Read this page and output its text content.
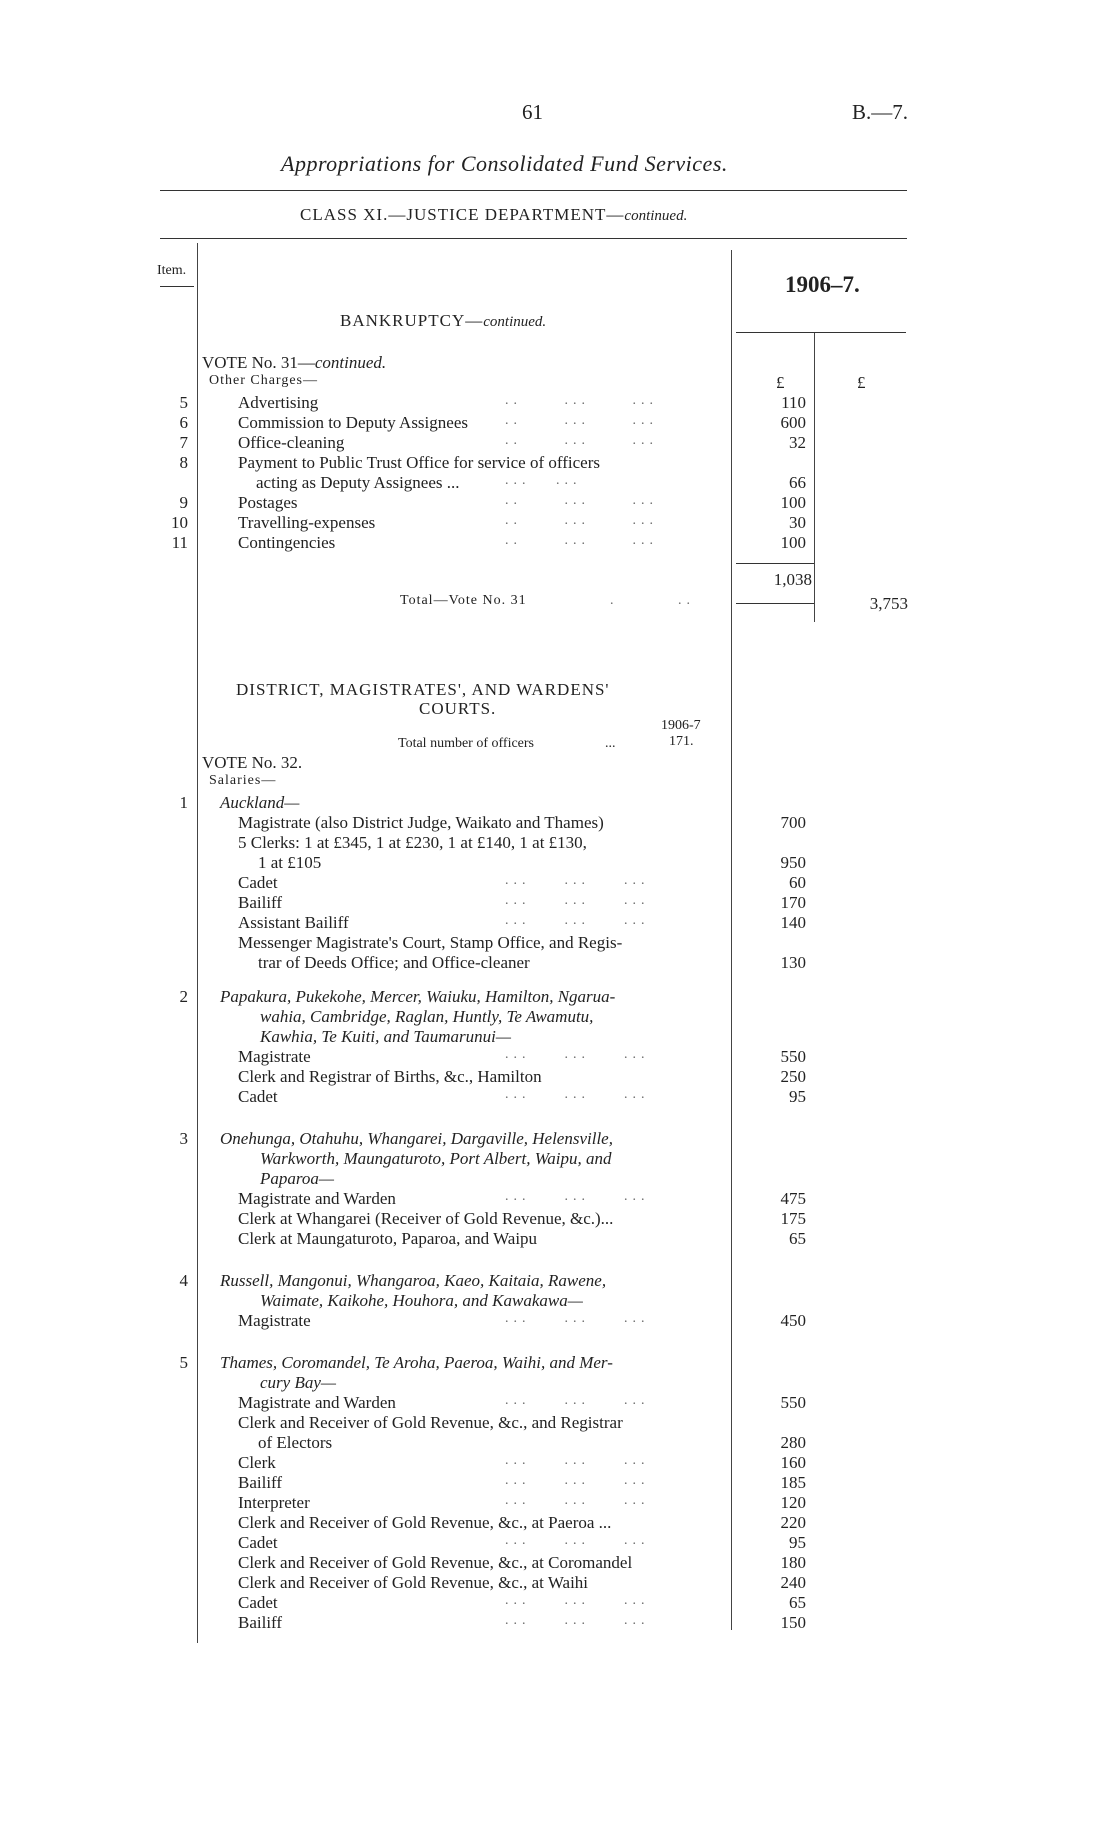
61	B.—7.
Appropriations for Consolidated Fund Services.
CLASS XI.—JUSTICE DEPARTMENT—continued.
Item.
1906–7.
£	£
BANKRUPTCY—continued.
VOTE No. 31—continued.
Other Charges—
1,038
Total—Vote No. 31	.       ..	3,753
DISTRICT, MAGISTRATES', AND WARDENS'
COURTS.
1906-7
Total number of officers	...	171.
VOTE No. 32.
Salaries—
5	Advertising	..     ...     ...	110
6	Commission to Deputy Assignees	..     ...     ...	600
7	Office-cleaning	..     ...     ...	32
8	Payment to Public Trust Office for service of officers
acting as Deputy Assignees ...	...   ...	66
9	Postages	..     ...     ...	100
10	Travelling-expenses	..     ...     ...	30
11	Contingencies	..     ...     ...	100
1 Auckland—
Magistrate (also District Judge, Waikato and Thames)	700
5 Clerks: 1 at £345, 1 at £230, 1 at £140, 1 at £130,
1 at £105	950
Cadet	...    ...    ...	60
Bailiff	...    ...    ...	170
Assistant Bailiff	...    ...    ...	140
Messenger Magistrate's Court, Stamp Office, and Regis-
trar of Deeds Office; and Office-cleaner	130
2 Papakura, Pukekohe, Mercer, Waiuku, Hamilton, Ngarua-
wahia, Cambridge, Raglan, Huntly, Te Awamutu,
Kawhia, Te Kuiti, and Taumarunui—
Magistrate	...    ...    ...	550
Clerk and Registrar of Births, &c., Hamilton	250
Cadet	...    ...    ...	95
3 Onehunga, Otahuhu, Whangarei, Dargaville, Helensville,
Warkworth, Maungaturoto, Port Albert, Waipu, and
Paparoa—
Magistrate and Warden	...    ...    ...	475
Clerk at Whangarei (Receiver of Gold Revenue, &c.)...	175
Clerk at Maungaturoto, Paparoa, and Waipu	65
4 Russell, Mangonui, Whangaroa, Kaeo, Kaitaia, Rawene,
Waimate, Kaikohe, Houhora, and Kawakawa—
Magistrate	...    ...    ...	450
5 Thames, Coromandel, Te Aroha, Paeroa, Waihi, and Mer-
cury Bay—
Magistrate and Warden	...    ...    ...	550
Clerk and Receiver of Gold Revenue, &c., and Registrar
of Electors	280
Clerk	...    ...    ...	160
Bailiff	...    ...    ...	185
Interpreter	...    ...    ...	120
Clerk and Receiver of Gold Revenue, &c., at Paeroa ...	220
Cadet	...    ...    ...	95
Clerk and Receiver of Gold Revenue, &c., at Coromandel	180
Clerk and Receiver of Gold Revenue, &c., at Waihi	240
Cadet	...    ...    ...	65
Bailiff	...    ...    ...	150
